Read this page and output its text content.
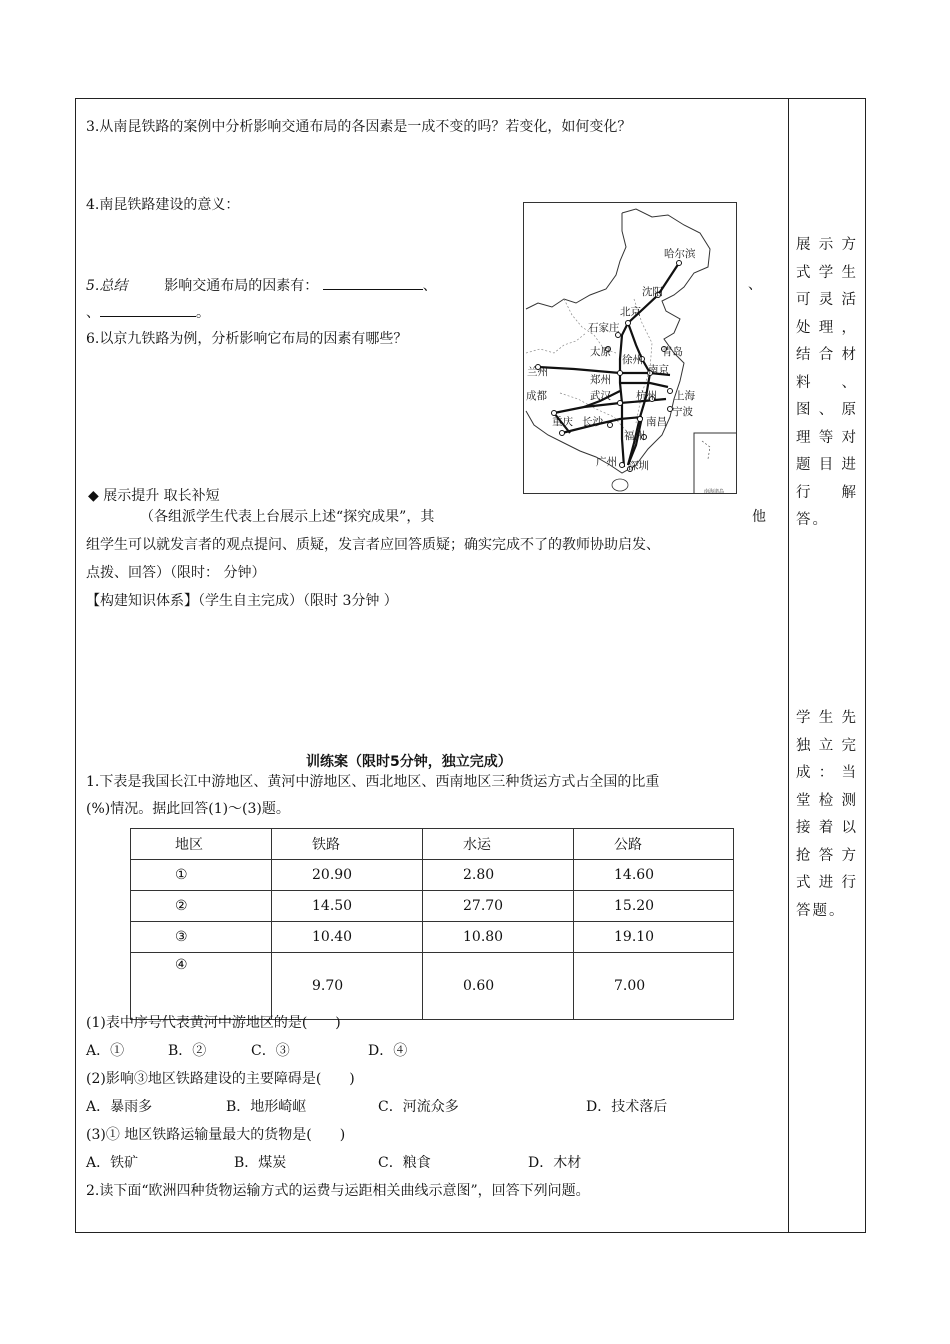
3.从南昆铁路的案例中分析影响交通布局的各因素是一成不变的吗？若变化，如何变化？
4.南昆铁路建设的意义：
5.总结	影响交通布局的因素有：	、	、
、	。
6.以京九铁路为例，分析影响它布局的因素有哪些？
哈尔滨
沈阳
北京
石家庄
太原
徐州
青岛
兰州
郑州
南京
上海
成都	武汉 杭州
宁波
重庆 长沙	南昌
福州
广州 深圳
南海诸岛
◆ 展示提升 取长补短
（各组派学生代表上台展示上述“探究成果”，其	他
组学生可以就发言者的观点提问、质疑，发言者应回答质疑；确实完成不了的教师协助启发、
点拨、回答）（限时： 分钟）
【构建知识体系】（学生自主完成）（限时 3分钟 ）
展示方式学生可灵活处理，结合材料、图、原理等对题目进行解答。
学生先独立完成：当堂检测接着以抢答方式进行答题。
训练案（限时5分钟，独立完成）
1.下表是我国长江中游地区、黄河中游地区、西北地区、西南地区三种货运方式占全国的比重
(%)情况。据此回答(1)～(3)题。
地区	铁路	水运	公路
①	20.90	2.80	14.60
②	14.50	27.70	15.20
③	10.40	10.80	19.10
④	9.70	0.60	7.00
(1)表中序号代表黄河中游地区的是(　　)
A．①	B．②	C．③	D．④
(2)影响③地区铁路建设的主要障碍是(　　)
A．暴雨多	B．地形崎岖	C．河流众多	D．技术落后
(3)① 地区铁路运输量最大的货物是(　　)
A．铁矿	B．煤炭	C．粮食	D．木材
2.读下面“欧洲四种货物运输方式的运费与运距相关曲线示意图”，回答下列问题。
